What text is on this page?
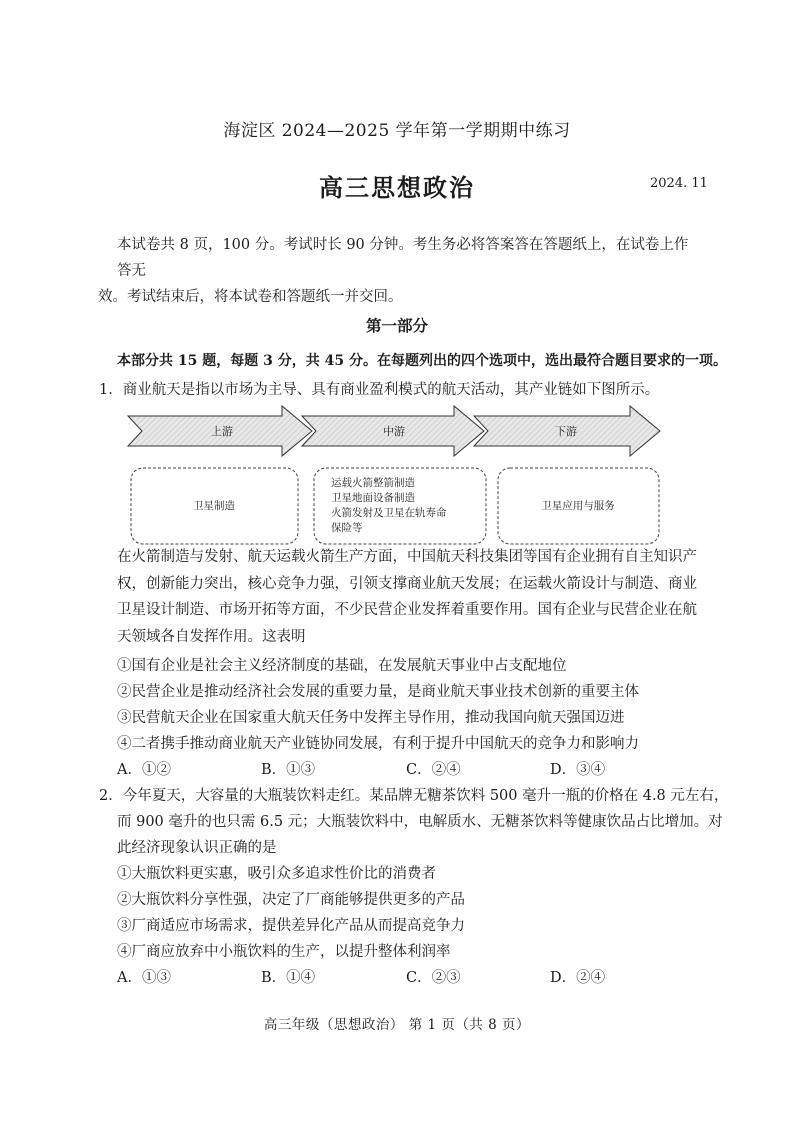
海淀区 2024—2025 学年第一学期期中练习
高三思想政治	2024. 11
本试卷共 8 页，100 分。考试时长 90 分钟。考生务必将答案答在答题纸上，在试卷上作答无
效。考试结束后，将本试卷和答题纸一并交回。
第一部分
本部分共 15 题，每题 3 分，共 45 分。在每题列出的四个选项中，选出最符合题目要求的一项。
1．商业航天是指以市场为主导、具有商业盈利模式的航天活动，其产业链如下图所示。
上游	中游	下游
卫星制造
运载火箭整箭制造
卫星地面设备制造
火箭发射及卫星在轨寿命
保险等
卫星应用与服务
在火箭制造与发射、航天运载火箭生产方面，中国航天科技集团等国有企业拥有自主知识产
权，创新能力突出，核心竞争力强，引领支撑商业航天发展；在运载火箭设计与制造、商业
卫星设计制造、市场开拓等方面，不少民营企业发挥着重要作用。国有企业与民营企业在航
天领域各自发挥作用。这表明
①国有企业是社会主义经济制度的基础，在发展航天事业中占支配地位
②民营企业是推动经济社会发展的重要力量，是商业航天事业技术创新的重要主体
③民营航天企业在国家重大航天任务中发挥主导作用，推动我国向航天强国迈进
④二者携手推动商业航天产业链协同发展，有利于提升中国航天的竞争力和影响力
A．①②	B．①③	C．②④	D．③④
2．今年夏天，大容量的大瓶装饮料走红。某品牌无糖茶饮料 500 毫升一瓶的价格在 4.8 元左右，
而 900 毫升的也只需 6.5 元；大瓶装饮料中，电解质水、无糖茶饮料等健康饮品占比增加。对
此经济现象认识正确的是
①大瓶饮料更实惠，吸引众多追求性价比的消费者
②大瓶饮料分享性强，决定了厂商能够提供更多的产品
③厂商适应市场需求，提供差异化产品从而提高竞争力
④厂商应放弃中小瓶饮料的生产，以提升整体利润率
A．①③	B．①④	C．②③	D．②④
高三年级（思想政治） 第 1 页（共 8 页）
